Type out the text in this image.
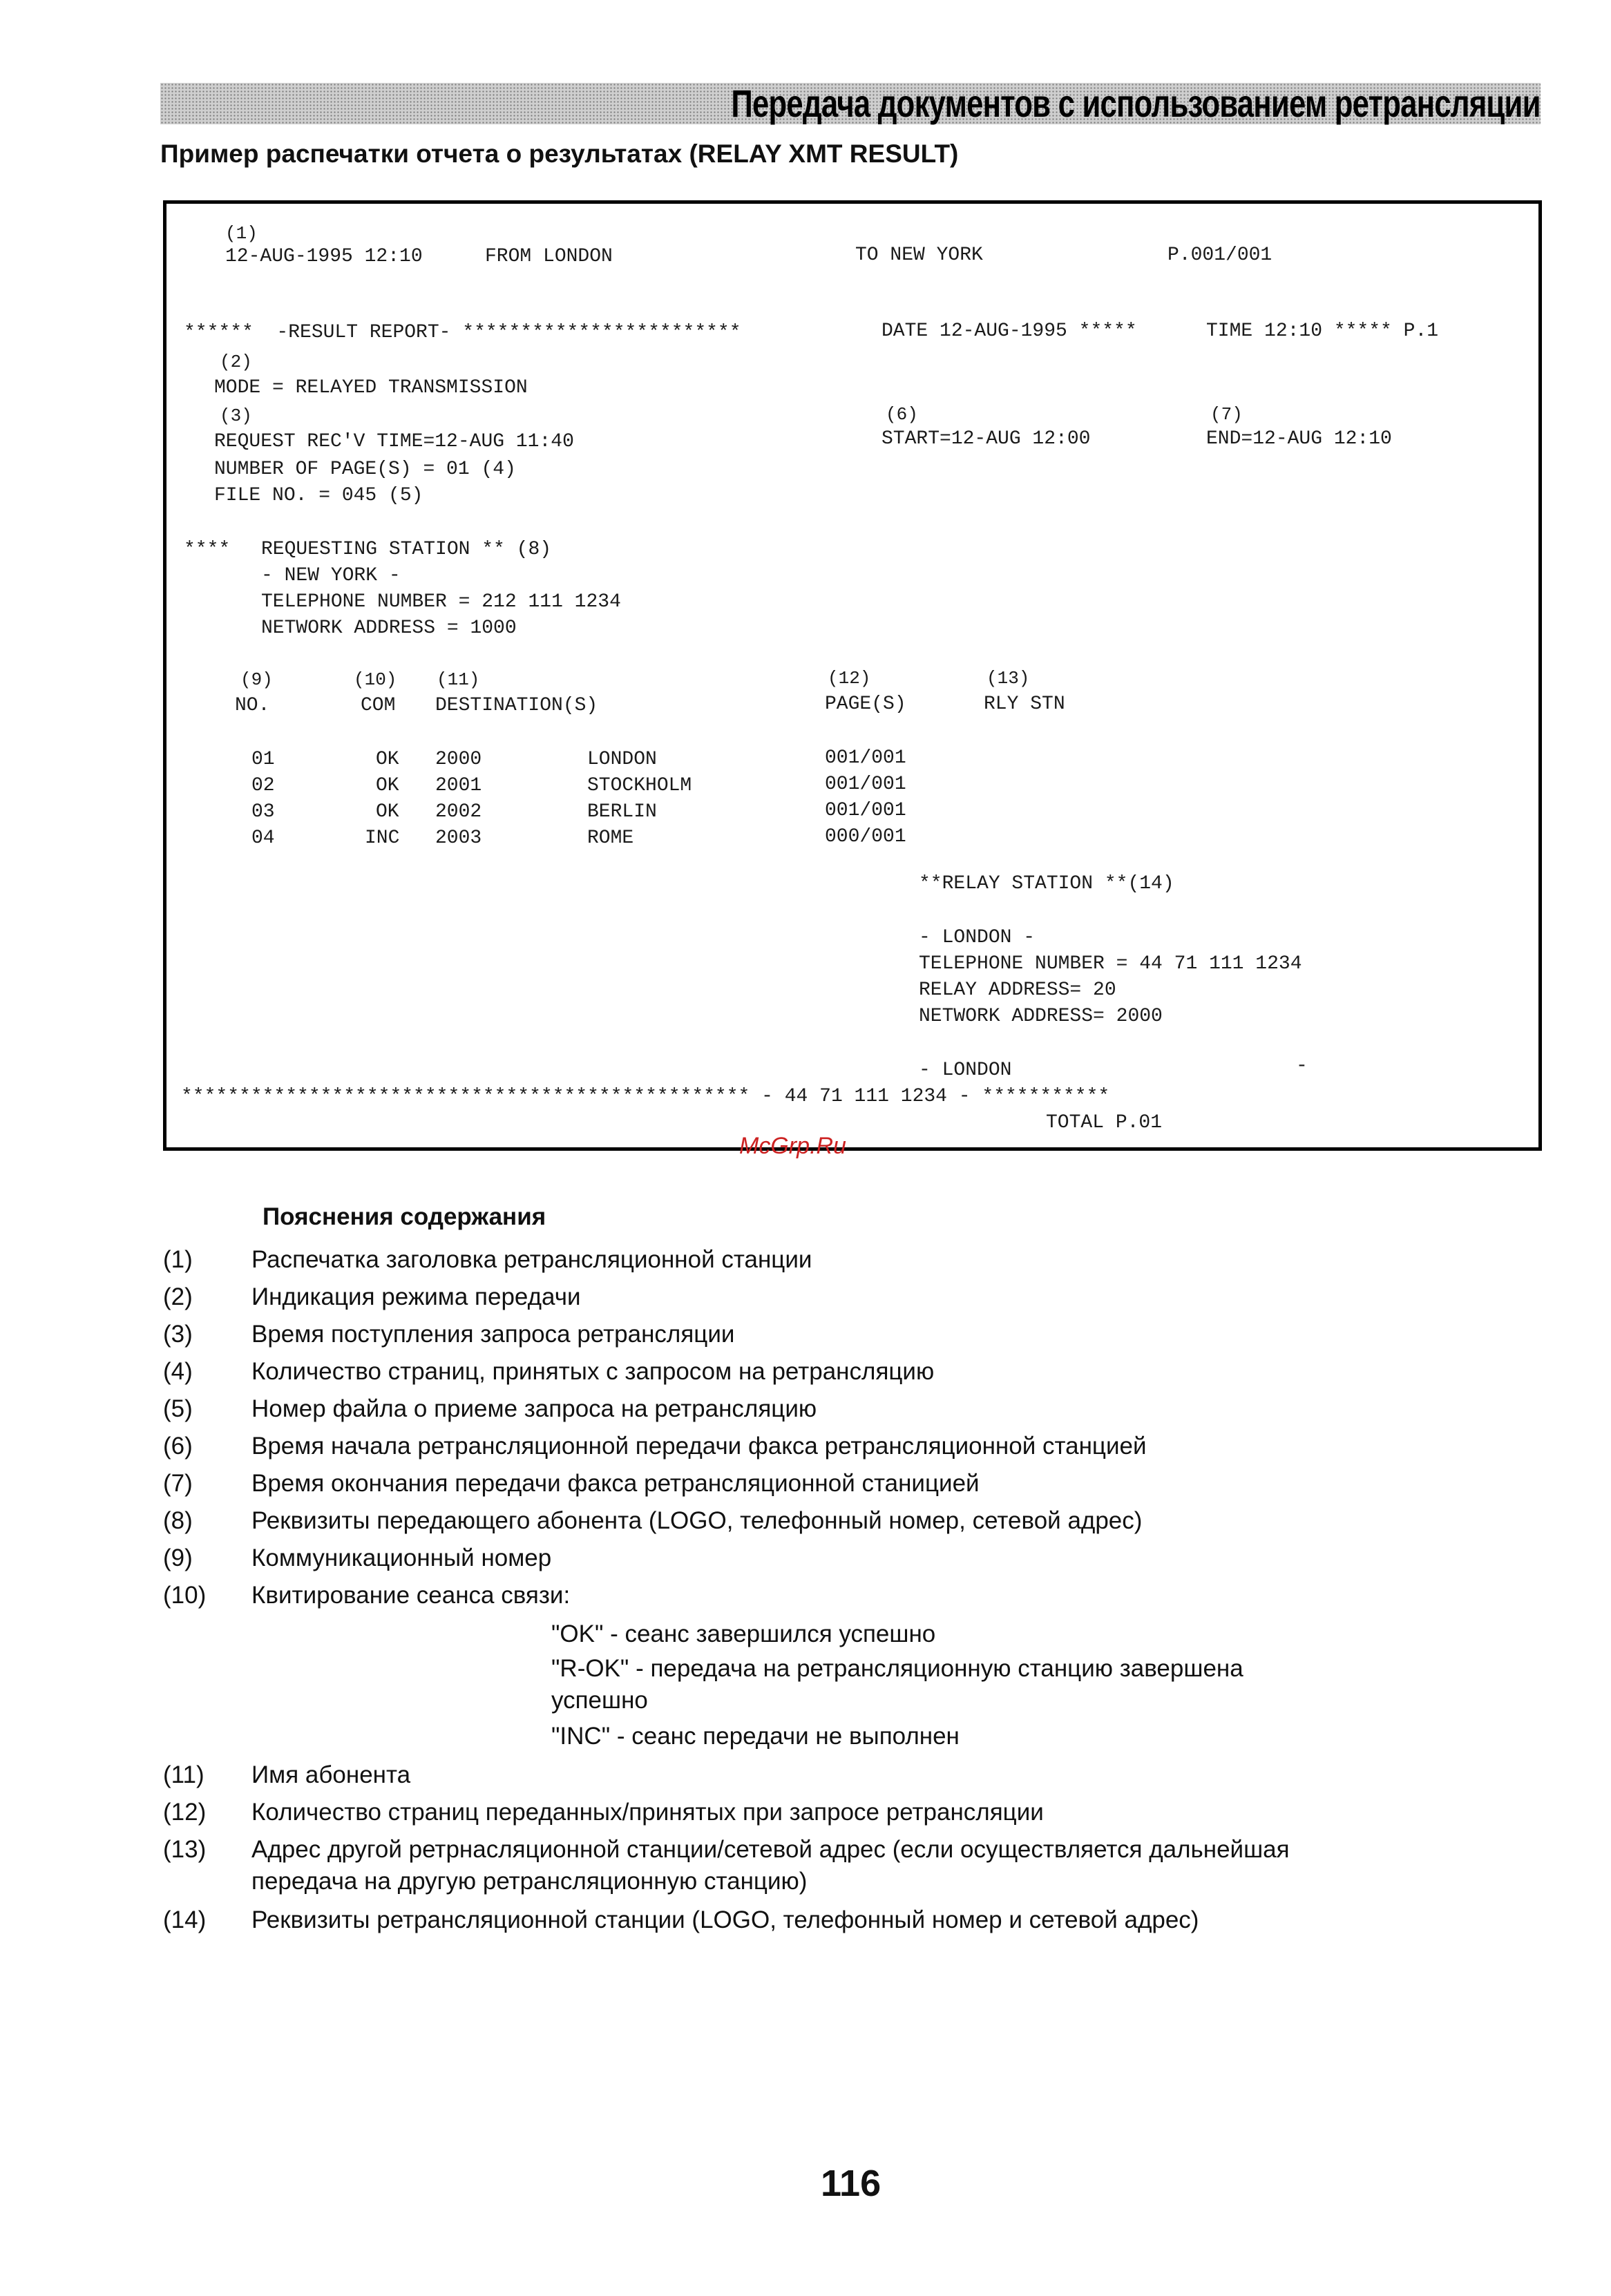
Передача документов с использованием ретрансляции
Пример распечатки отчета о результатах (RELAY XMT RESULT)
(1)
12-AUG-1995 12:10	FROM LONDON	TO NEW YORK	P.001/001
******  -RESULT REPORT- ************************	DATE 12-AUG-1995 *****	TIME 12:10 ***** P.1
(2)
MODE = RELAYED TRANSMISSION
(3)	(6)	(7)
REQUEST REC'V TIME=12-AUG 11:40	START=12-AUG 12:00	END=12-AUG 12:10
NUMBER OF PAGE(S) = 01 (4)
FILE NO. = 045 (5)
**** REQUESTING STATION ** (8)
- NEW YORK -
TELEPHONE NUMBER = 212 111 1234
NETWORK ADDRESS = 1000
(9)	(10) (11)	(12)	(13)
NO.	COM DESTINATION(S)	PAGE(S)	RLY STN
01	OK 2000	LONDON	001/001
02	OK 2001	STOCKHOLM	001/001
03	OK 2002	BERLIN	001/001
04	INC 2003	ROME	000/001
**RELAY STATION **(14)
- LONDON -
TELEPHONE NUMBER = 44 71 111 1234
RELAY ADDRESS= 20
NETWORK ADDRESS= 2000
- LONDON	-
************************************************* - 44 71 111 1234 - ***********
TOTAL P.01
McGrp.Ru
Пояснения содержания
(1) Распечатка заголовка ретрансляционной станции
(2) Индикация режима передачи
(3) Время поступления запроса ретрансляции
(4) Количество страниц, принятых с запросом на ретрансляцию
(5) Номер файла о приеме запроса на ретрансляцию
(6) Время начала ретрансляционной передачи факса ретрансляционной станцией
(7) Время окончания передачи факса ретрансляционной станицией
(8) Реквизиты передающего абонента (LOGO, телефонный номер, сетевой адрес)
(9) Коммуникационный номер
(10) Квитирование сеанса связи:
"OK" - сеанс завершился успешно
"R-OK" - передача на ретрансляционную станцию завершена
успешно
"INC" - сеанс передачи не выполнен
(11) Имя абонента
(12) Количество страниц переданных/принятых при запросе ретрансляции
(13) Адрес другой ретрнасляционной станции/сетевой адрес (если осуществляется дальнейшая
передача на другую ретрансляционную станцию)
(14) Реквизиты ретрансляционной станции (LOGO, телефонный номер и сетевой адрес)
116
